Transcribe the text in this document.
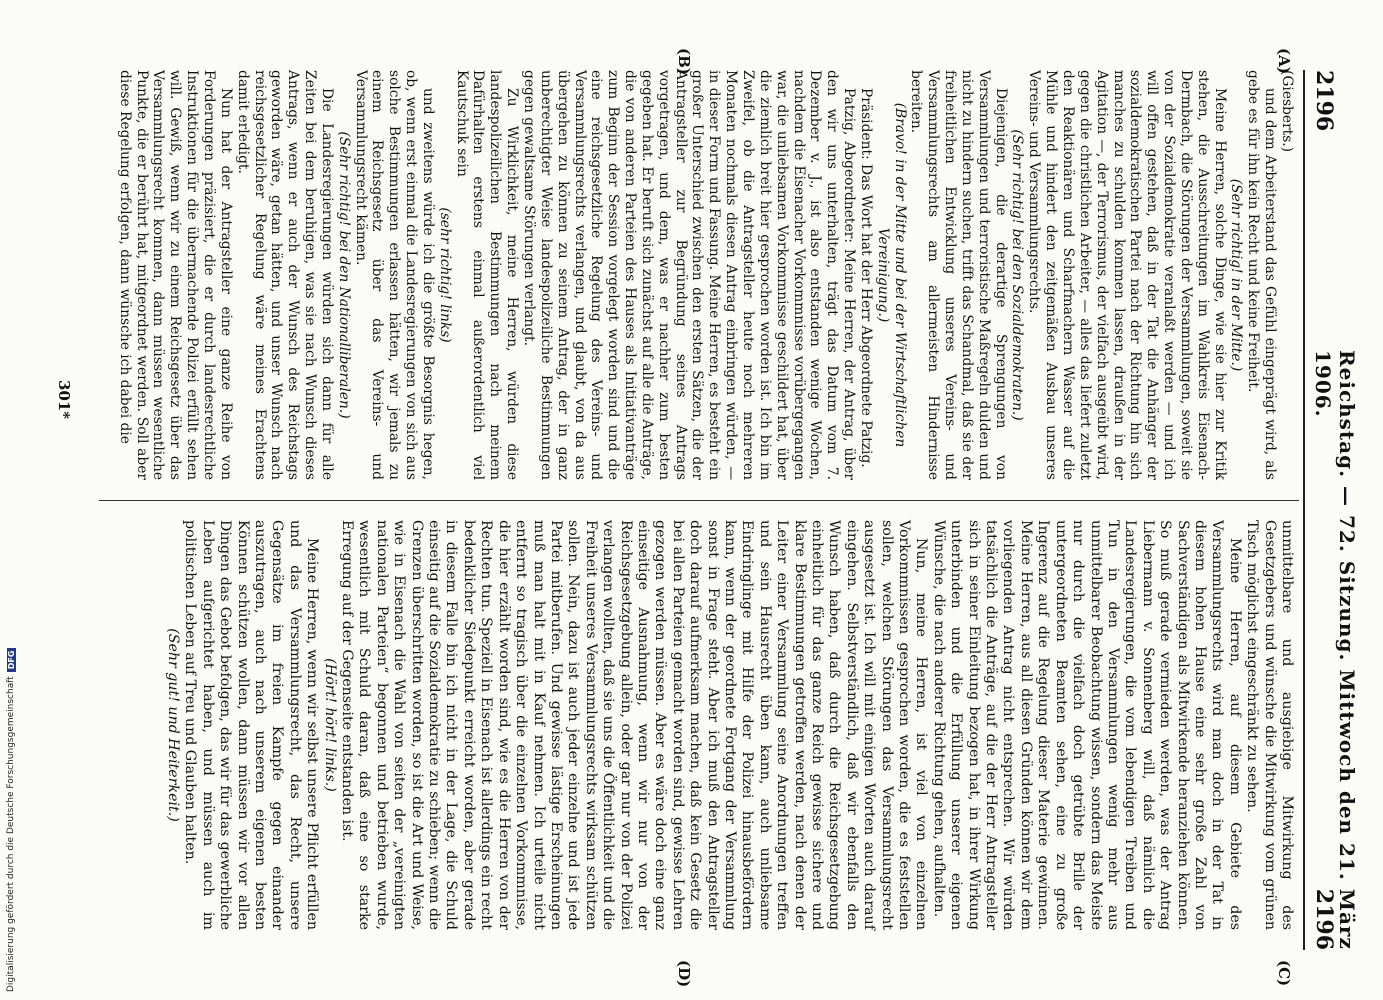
2196
Reichstag. — 72. Sitzung. Mittwoch den 21. März 1906.
2196
(A)
(B)
(C)
(D)

(Giesberts.)

und dem Arbeiterstand das Gefühl eingeprägt wird, als gebe es für ihn kein Recht und keine Freiheit.

(Sehr richtig! in der Mitte.)

Meine Herren, solche Dinge, wie sie hier zur Kritik stehen, die Ausschreitungen im Wahlkreis Eisenach-Dermbach, die Störungen der Versammlungen, soweit sie von der Sozialdemokratie veranlaßt werden — und ich will offen gestehen, daß in der Tat die Anhänger der sozialdemokratischen Partei nach der Richtung hin sich manches zu schulden kommen lassen, draußen in der Agitation —, der Terrorismus, der vielfach ausgeübt wird, gegen die christlichen Arbeiter, — alles das liefert zuletzt den Reaktionären und Scharfmachern Wasser auf die Mühle und hindert den zeitgemäßen Ausbau unseres Vereins- und Versammlungsrechts.

(Sehr richtig! bei den Sozialdemokraten.)

Diejenigen, die derartige Sprengungen von Versammlungen und terroristische Maßregeln dulden und nicht zu hindern suchen, trifft das Schandmal, daß sie der freiheitlichen Entwicklung unseres Vereins- und Versammlungsrechts am allermeisten Hindernisse bereiten.

(Bravo! in der Mitte und bei der Wirtschaftlichen Vereinigung.)

Präsident: Das Wort hat der Herr Abgeordnete Patzig.

Patzig, Abgeordneter: Meine Herren, der Antrag, über den wir uns unterhalten, trägt das Datum vom 7. Dezember v. J., ist also entstanden wenige Wochen, nachdem die Eisenacher Vorkommnisse vorübergegangen war, die unliebsamen Vorkommnisse geschildert hat, über die ziemlich breit hier gesprochen worden ist. Ich bin im Zweifel, ob die Antragsteller heute noch mehreren Monaten nochmals diesen Antrag einbringen würden, — in dieser Form und Fassung. Meine Herren, es besteht ein großer Unterschied zwischen den ersten Sätzen, die der Antragsteller zur Begründung seines Antrags vorgetragen, und dem, was er nachher zum besten gegeben hat. Er beruft sich zunächst auf alle die Anträge, die von anderen Parteien des Hauses als Initiativanträge zum Beginn der Session vorgelegt worden sind und die eine reichsgesetzliche Regelung des Vereins- und Versammlungsrechts verlangen, und glaubt, von da aus übergehen zu können zu seinem Antrag, der in ganz unberechtigter Weise landespolizeiliche Bestimmungen gegen gewaltsame Störungen verlangt.

Zu Wirklichkeit, meine Herren, würden diese landespolizeilichen Bestimmungen nach meinem Dafürhalten erstens einmal außerordentlich viel Kautschuk sein

(sehr richtig! links)

und zweitens würde ich die größte Besorgnis hegen, ob, wenn erst einmal die Landesregierungen von sich aus solche Bestimmungen erlassen hätten, wir jemals zu einem Reichsgesetz über das Vereins- und Versammlungsrecht kämen.

(Sehr richtig! bei den Nationalliberalen.)

Die Landesregierungen würden sich dann für alle Zeiten bei dem beruhigen, was sie nach Wunsch dieses Antrags, wenn er auch der Wunsch des Reichstags geworden wäre, getan hätten, und unser Wunsch nach reichsgesetzlicher Regelung wäre meines Erachtens damit erledigt.

Nun hat der Antragsteller eine ganze Reihe von Forderungen präzisiert, die er durch landesrechtliche Instruktionen für die übermachende Polizei erfüllt sehen will. Gewiß, wenn wir zu einem Reichsgesetz über das Versammlungsrecht kommen, dann müssen wesentliche Punkte, die er berührt hat, mitgeordnet werden. Soll aber diese Regelung erfolgen, dann wünsche ich dabei die

unmittelbare und ausgiebige Mitwirkung des Gesetzgebers und wünsche die Mitwirkung vom grünen Tisch möglichst eingeschränkt zu sehen.

Meine Herren, auf diesem Gebiete des Versammlungsrechts wird man doch in der Tat in diesem hohen Hause eine sehr große Zahl von Sachverständigen als Mitwirkende heranziehen können. So muß gerade vermieden werden, was der Antrag Liebermann v. Sonnenberg will, daß nämlich die Landesregierungen, die vom lebendigen Treiben und Tun in den Versammlungen wenig mehr aus unmittelbarer Beobachtung wissen, sondern das Meiste nur durch die vielfach doch getrübte Brille der untergeordneten Beamten sehen, eine zu große Ingerenz auf die Regelung dieser Materie gewinnen. Meine Herren, aus all diesen Gründen können wir dem vorliegenden Antrag nicht entsprechen. Wir würden tatsächlich die Anträge, auf die der Herr Antragsteller sich in seiner Einleitung bezogen hat, in ihrer Wirkung unterbinden und die Erfüllung unserer eigenen Wünsche, die nach anderer Richtung gehen, aufhalten.

Nun, meine Herren, ist viel von einzelnen Vorkommnissen gesprochen worden, die es feststellen sollen, welchen Störungen das Versammlungsrecht ausgesetzt ist. Ich will mit einigen Worten auch darauf eingehen. Selbstverständlich, daß wir ebenfalls den Wunsch haben, daß durch die Reichsgesetzgebung einheitlich für das ganze Reich gewisse sichere und klare Bestimmungen getroffen werden, nach denen der Leiter einer Versammlung seine Anordnungen treffen und sein Hausrecht üben kann, auch unliebsame Eindringlinge mit Hilfe der Polizei hinausbefördern kann, wenn der geordnete Fortgang der Versammlung sonst in Frage steht. Aber ich muß den Antragsteller doch darauf aufmerksam machen, daß kein Gesetz die bei allen Parteien gemacht worden sind, gewisse Lehren gezogen werden müssen. Aber es wäre doch eine ganz einseitige Ausnahmung, wenn wir nur von der Reichsgesetzgebung allein, oder gar nur von der Polizei verlangen wollten, daß sie uns die Öffentlichkeit und die Freiheit unseres Versammlungsrechts wirksam schützen sollen. Nein, dazu ist auch jeder einzelne und ist jede Partei mitberufen. Und gewisse lästige Erscheinungen muß man halt mit in Kauf nehmen. Ich urteile nicht entfernt so tragisch über die einzelnen Vorkommnisse, die hier erzählt worden sind, wie es die Herren von der Rechten tun. Speziell in Eisenach ist allerdings ein recht bedenklicher Siedepunkt erreicht worden, aber gerade in diesem Falle bin ich nicht in der Lage, die Schuld einseitig auf die Sozialdemokratie zu schieben; wenn die Grenzen überschritten worden, so ist die Art und Weise, wie in Eisenach die Wahl von seiten der „vereinigten nationalen Parteien“ begonnen und betrieben wurde, wesentlich mit Schuld daran, daß eine so starke Erregung auf der Gegenseite entstanden ist.

(Hört! hört! links.)

Meine Herren, wenn wir selbst unsere Pflicht erfüllen und das Versammlungsrecht, das Recht, unsere Gegensätze im freien Kampfe gegen einander auszutragen, auch nach unserem eigenen besten Können schützen wollen, dann müssen wir vor allen Dingen das Gebot befolgen, das wir für das gewerbliche Leben aufgerichtet haben, und müssen auch im politischen Leben auf Treu und Glauben halten.

(Sehr gut! und Heiterkeit.)

301*
Digitalisierung gefördert durch die Deutsche Forschungsgemeinschaft
DFG
